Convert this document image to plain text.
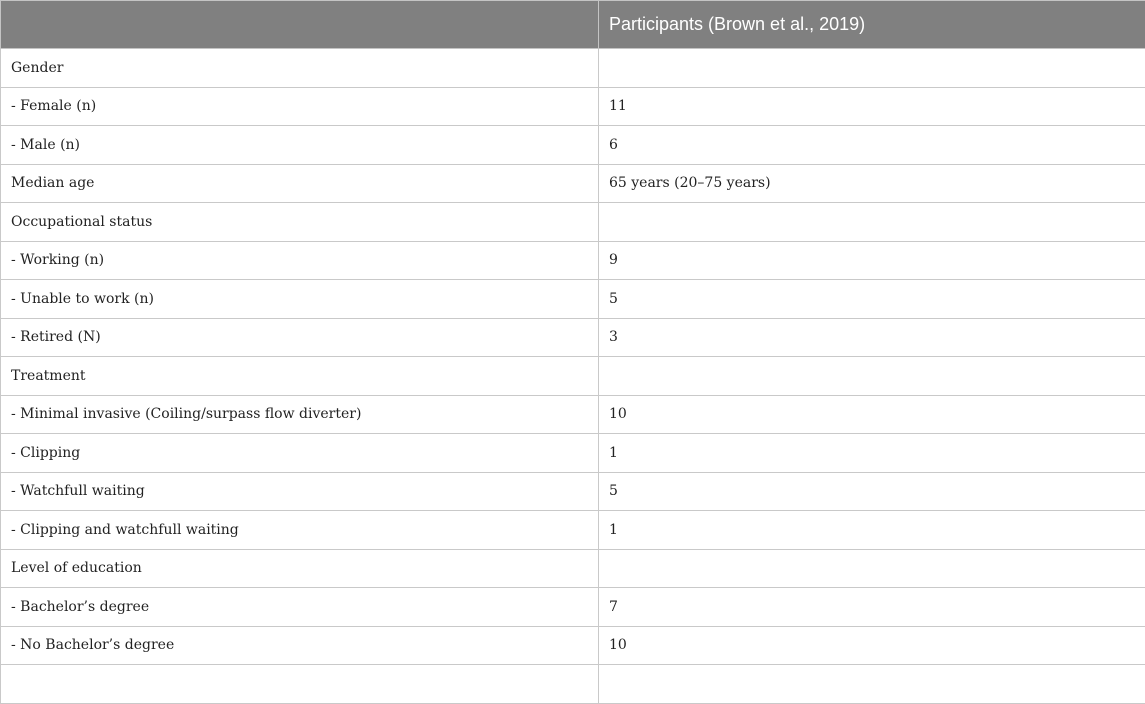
	Participants (Brown et al., 2019)
Gender	
- Female (n)	11
- Male (n)	6
Median age	65 years (20–75 years)
Occupational status	
- Working (n)	9
- Unable to work (n)	5
- Retired (N)	3
Treatment	
- Minimal invasive (Coiling/surpass flow diverter)	10
- Clipping	1
- Watchfull waiting	5
- Clipping and watchfull waiting	1
Level of education	
- Bachelor’s degree	7
- No Bachelor’s degree	10
